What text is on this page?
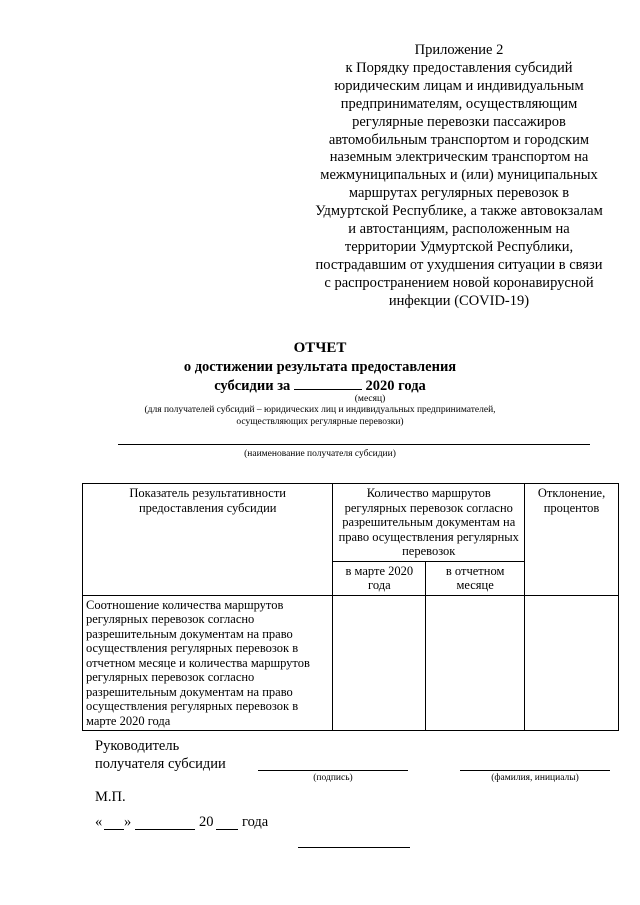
Приложение 2
к Порядку предоставления субсидий
юридическим лицам и индивидуальным
предпринимателям, осуществляющим
регулярные перевозки пассажиров
автомобильным транспортом и городским
наземным электрическим транспортом на
межмуниципальных и (или) муниципальных
маршрутах регулярных перевозок в
Удмуртской Республике, а также автовокзалам
и автостанциям, расположенным на
территории Удмуртской Республики,
пострадавшим от ухудшения ситуации в связи
с распространением новой коронавирусной
инфекции (COVID-19)
ОТЧЕТ
о достижении результата предоставления
субсидии за	2020 года
(месяц)
(для получателей субсидий – юридических лиц и индивидуальных предпринимателей,
осуществляющих регулярные перевозки)
(наименование получателя субсидии)
Показатель результативности предоставления субсидии	Количество маршрутов регулярных перевозок согласно разрешительным документам на право осуществления регулярных перевозок		Отклонение, процентов
	в марте 2020 года	в отчетном месяце	
Соотношение количества маршрутов регулярных перевозок согласно разрешительным документам на право осуществления регулярных перевозок в отчетном месяце и количества маршрутов регулярных перевозок согласно разрешительным документам на право осуществления регулярных перевозок в марте 2020 года			
Руководитель
получателя субсидии
(подпись)	(фамилия, инициалы)
М.П.
« »	20 года
